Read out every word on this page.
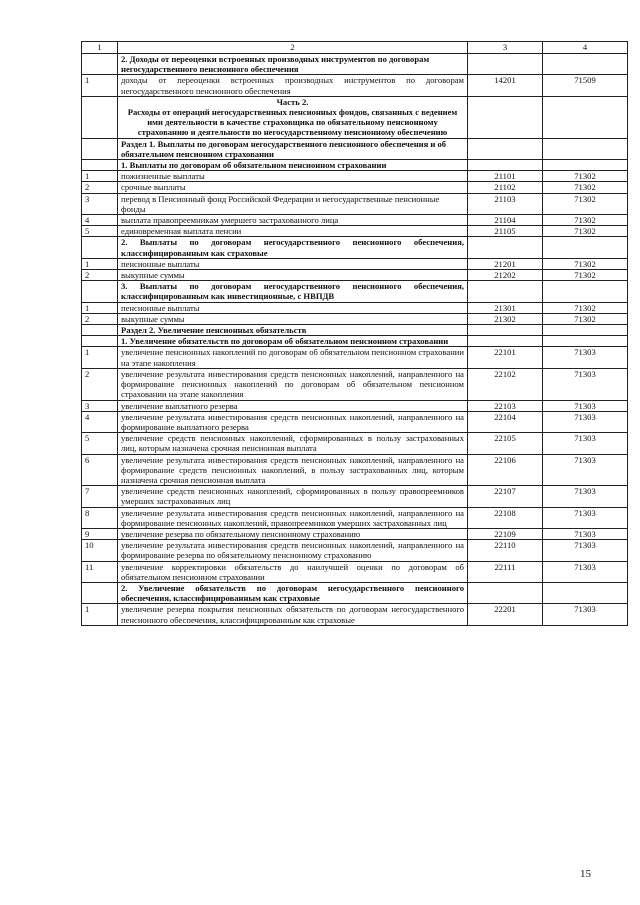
1	2	3	4
	2. Доходы от переоценки встроенных производных инструментов по договорам негосударственного пенсионного обеспечения		
1	доходы от переоценки встроенных производных инструментов по договорам негосударственного пенсионного обеспечения	14201	71509
	Часть 2.
Расходы от операций негосударственных пенсионных фондов, связанных с ведением ими деятельности в качестве страховщика по обязательному пенсионному страхованию и деятельности по негосударственному пенсионному обеспечению		
	Раздел 1. Выплаты по договорам негосударственного пенсионного обеспечения и об обязательном пенсионном страховании		
	1. Выплаты по договорам об обязательном пенсионном страховании		
1	пожизненные выплаты	21101	71302
2	срочные выплаты	21102	71302
3	перевод в Пенсионный фонд Российской Федерации и негосударственные пенсионные фонды	21103	71302
4	выплата правопреемникам умершего застрахованного лица	21104	71302
5	единовременная выплата пенсии	21105	71302
	2. Выплаты по договорам негосударственного пенсионного обеспечения, классифицированным как страховые		
1	пенсионные выплаты	21201	71302
2	выкупные суммы	21202	71302
	3. Выплаты по договорам негосударственного пенсионного обеспечения, классифицированным как инвестиционные, с НВПДВ		
1	пенсионные выплаты	21301	71302
2	выкупные суммы	21302	71302
	Раздел 2. Увеличение пенсионных обязательств		
	1. Увеличение обязательств по договорам об обязательном пенсионном страховании		
1	увеличение пенсионных накоплений по договорам об обязательном пенсионном страховании на этапе накопления	22101	71303
2	увеличение результата инвестирования средств пенсионных накоплений, направленного на формирование пенсионных накоплений по договорам об обязательном пенсионном страховании на этапе накопления	22102	71303
3	увеличение выплатного резерва	22103	71303
4	увеличение результата инвестирования средств пенсионных накоплений, направленного на формирование выплатного резерва	22104	71303
5	увеличение средств пенсионных накоплений, сформированных в пользу застрахованных лиц, которым назначена срочная пенсионная выплата	22105	71303
6	увеличение результата инвестирования средств пенсионных накоплений, направленного на формирование средств пенсионных накоплений, в пользу застрахованных лиц, которым назначена срочная пенсионная выплата	22106	71303
7	увеличение средств пенсионных накоплений, сформированных в пользу правопреемников умерших застрахованных лиц	22107	71303
8	увеличение результата инвестирования средств пенсионных накоплений, направленного на формирование пенсионных накоплений, правопреемников умерших застрахованных лиц	22108	71303
9	увеличение резерва по обязательному пенсионному страхованию	22109	71303
10	увеличение результата инвестирования средств пенсионных накоплений, направленного на формирование резерва по обязательному пенсионному страхованию	22110	71303
11	увеличение корректировки обязательств до наилучшей оценки по договорам об обязательном пенсионном страховании	22111	71303
	2. Увеличение обязательств по договорам негосударственного пенсионного обеспечения, классифицированным как страховые		
1	увеличение резерва покрытия пенсионных обязательств по договорам негосударственного пенсионного обеспечения, классифицированным как страховые	22201	71303
15
